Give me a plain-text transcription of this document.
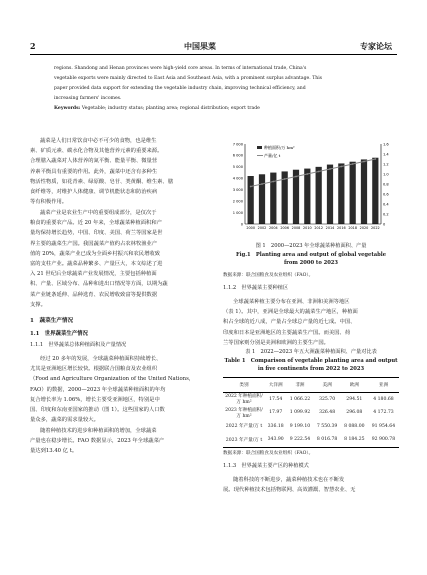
2	中国果菜	专家论坛
regions. Shandong and Henan provinces were high-yield core areas. In terms of international trade, China's
vegetable exports were mainly directed to East Asia and Southeast Asia, with a prominent surplus advantage. This
paper provided data support for extending the vegetable industry chain, improving technical efficiency, and
increasing farmers' incomes.
Keywords: Vegetable; industry status; planting area; regional distribution; export trade
蔬菜是人们日常饮食中必不可少的食物，也是维生
素、矿质元素、碳水化合物及其他营养元素的重要来源。
合理膳入蔬菜对人体营养的氮平衡、能量平衡、微量营
养素平衡具有重要的作用。此外，蔬菜中还含有多种生
物活性物质，如花青素、绿原酸、皂苷、类黄酮、维生素、膳
食纤维等，对维护人体健康、调节机能状态和防治疾病
等有积极作用。
蔬菜产业是农业生产中的重要组成部分，是仅次于
粮食的重要农产品。近 20 年来，全球蔬菜种植面积和产
量均保持增长趋势，中国、印度、美国、荷兰等国家是世
界主要的蔬菜生产国。我国蔬菜产值约占农林牧渔业产
值的 20%，蔬菜产业已成为全面乡村振兴和农民增收致
富的支柱产业。蔬菜品种繁多、产量巨大，本文综述了进
入 21 世纪后全球蔬菜产业发展情况，主要包括种植面
积、产量、区域分布、品种和进出口情况等方面，以期为蔬
菜产业链条延伸、品种选育、农民增收致富等提供数据
支撑。
1　蔬菜生产情况
1.1　世界蔬菜生产情况
1.1.1　世界蔬菜总体种植面积及产量情况
经过 20 多年的发展，全球蔬菜种植面积持续增长、
尤其是亚洲地区增长较快。根据联合国粮食及农业组织
（Food and Agriculture Organization of the United Nations，
FAO）的数据，2000—2023 年全球蔬菜种植面积的年均
复合增长率为 1.06%，增长主要受亚洲地区，特别是中
国、印度和东南亚国家的推动（图 1）。这些国家的人口数
量众多，蔬菜的需求量较大。
随着种植技术的进步和种植面积的增加，全球蔬菜
产量也在稳步增长。FAO 数据显示，2023 年全球蔬菜产
量达到13.40 亿 t。
7 000
6 000
5 000
4 000
3 000
2 000
1 000
0
1.6
1.4
1.2
1.0
0.8
0.6
0.4
0.2
0
2000 2002 2004 2006 2008 2010 2012 2014 2016 2018 2020 2022
种植面积/万 hm²
产量/亿 t
图 1　2000—2023 年全球蔬菜种植面积、产量
Fig.1　Planting area and output of global vegetable
from 2000 to 2023
数据来源：联合国粮食及农业组织（FAO）。
1.1.2　世界蔬菜主要种植区
全球蔬菜种植主要分布在亚洲、非洲和美洲等地区
（表 1）。其中，亚洲是全球最大的蔬菜生产地区，种植面
积占全球的近八成，产量占全球总产量的近七成。中国、
印度和日本是亚洲地区的主要蔬菜生产国。而美国、荷
兰等国家则分别是美洲和欧洲的主要生产国。
表 1　2022—2023 年五大洲蔬菜种植面积、产量对比表
Table 1　Comparison of vegetable planting area and output
in five continents from 2022 to 2023
类别	大洋洲	非洲	美洲	欧洲	亚洲
2022 年种植面积/万 hm²	17.54	1 066.22	325.70	294.51	4 180.68
2023 年种植面积/万 hm²	17.97	1 099.92	326.48	296.08	4 172.73
2022 年产量/万 t	336.18	9 199.10	7 550.39	8 088.00	91 954.64
2023 年产量/万 t	343.90	9 222.54	8 016.78	8 184.25	92 900.78
数据来源：联合国粮食及农业组织（FAO）。
1.1.3　世界蔬菜主要产区的种植模式
随着科技的不断进步，蔬菜种植技术也在不断发
展。现代种植技术包括物联网、高效灌溉、智慧农业、无
